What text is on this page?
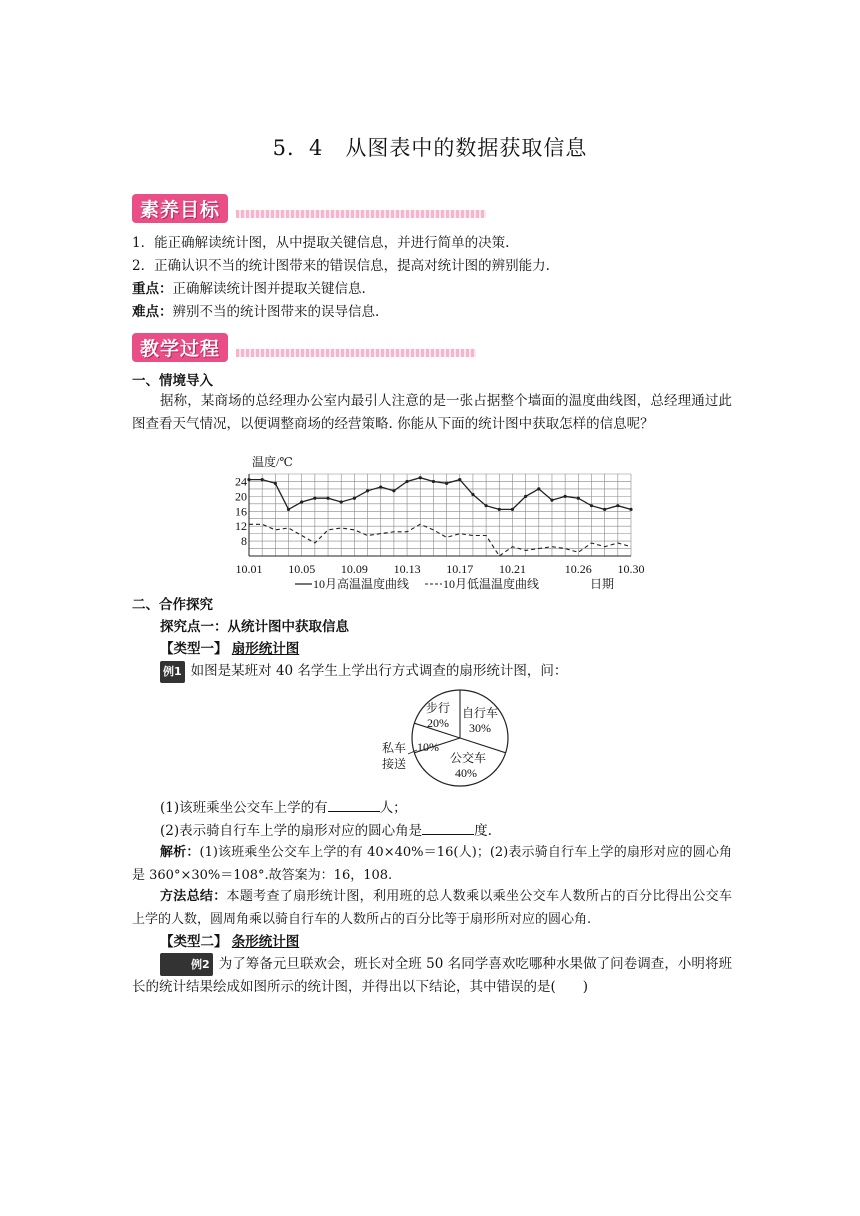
5．4　从图表中的数据获取信息
素养目标
1．能正确解读统计图，从中提取关键信息，并进行简单的决策.
2．正确认识不当的统计图带来的错误信息，提高对统计图的辨别能力.
重点：正确解读统计图并提取关键信息.
难点：辨别不当的统计图带来的误导信息.
教学过程
一、情境导入
据称，某商场的总经理办公室内最引人注意的是一张占据整个墙面的温度曲线图，总经理通过此图查看天气情况，以便调整商场的经营策略. 你能从下面的统计图中获取怎样的信息呢？
温度/℃
8
12
16
20
24
10.01 10.05 10.09 10.13 10.17 10.21	10.26 10.30
10月高温温度曲线	10月低温温度曲线	日期
二、合作探究
探究点一：从统计图中获取信息
【类型一】 扇形统计图
例1 如图是某班对 40 名学生上学出行方式调查的扇形统计图，问：
步行
20%
自行车
30%
公交车
40%
10%
私车
接送
(1)该班乘坐公交车上学的有	人；
(2)表示骑自行车上学的扇形对应的圆心角是	度.
解析：(1)该班乘坐公交车上学的有 40×40%＝16(人)；(2)表示骑自行车上学的扇形对应的圆心角是 360°×30%＝108°.故答案为：16，108.
方法总结：本题考查了扇形统计图，利用班的总人数乘以乘坐公交车人数所占的百分比得出公交车上学的人数，圆周角乘以骑自行车的人数所占的百分比等于扇形所对应的圆心角.
【类型二】 条形统计图
例2 为了筹备元旦联欢会，班长对全班 50 名同学喜欢吃哪种水果做了问卷调查，小明将班长的统计结果绘成如图所示的统计图，并得出以下结论，其中错误的是(　　)
